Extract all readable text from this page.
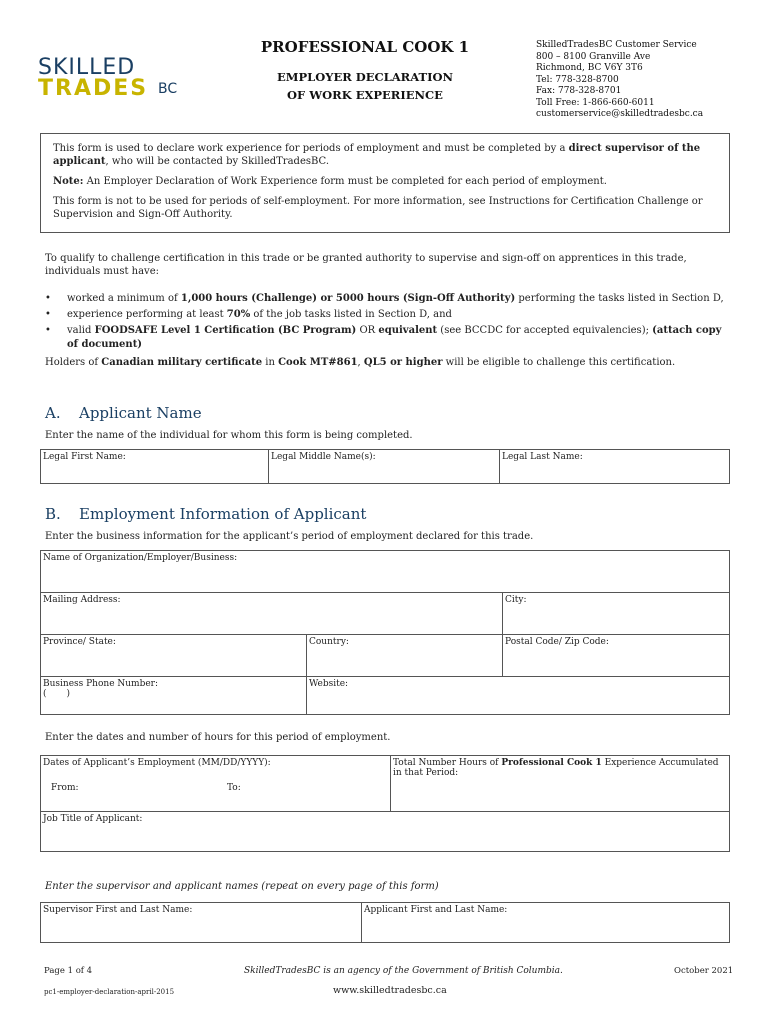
SKILLED
TRADES BC
PROFESSIONAL COOK 1
EMPLOYER DECLARATION
OF WORK EXPERIENCE
SkilledTradesBC Customer Service
800 – 8100 Granville Ave
Richmond, BC V6Y 3T6
Tel: 778-328-8700
Fax: 778-328-8701
Toll Free: 1-866-660-6011
customerservice@skilledtradesbc.ca

This form is used to declare work experience for periods of employment and must be completed by a direct supervisor of the applicant, who will be contacted by SkilledTradesBC.

Note: An Employer Declaration of Work Experience form must be completed for each period of employment.

This form is not to be used for periods of self-employment. For more information, see Instructions for Certification Challenge or Supervision and Sign-Off Authority.

To qualify to challenge certification in this trade or be granted authority to supervise and sign-off on apprentices in this trade, individuals must have:
• worked a minimum of 1,000 hours (Challenge) or 5000 hours (Sign-Off Authority) performing the tasks listed in Section D,
• experience performing at least 70% of the job tasks listed in Section D, and
• valid FOODSAFE Level 1 Certification (BC Program) OR equivalent (see BCCDC for accepted equivalencies); (attach copy of document)
Holders of Canadian military certificate in Cook MT#861, QL5 or higher will be eligible to challenge this certification.
A. Applicant Name
Enter the name of the individual for whom this form is being completed.
Legal First Name:	Legal Middle Name(s):	Legal Last Name:
B. Employment Information of Applicant
Enter the business information for the applicant’s period of employment declared for this trade.
Name of Organization/Employer/Business:		
Mailing Address:		City:
Province/ State:	Country:	Postal Code/ Zip Code:

Business Phone Number:
(       )	Website:	
Enter the dates and number of hours for this period of employment.
Dates of Applicant’s Employment (MM/DD/YYYY):
From:	To:
	Total Number Hours of Professional Cook 1 Experience Accumulated in that Period:
Job Title of Applicant:
Enter the supervisor and applicant names (repeat on every page of this form)
Supervisor First and Last Name:	Applicant First and Last Name:
Page 1 of 4	SkilledTradesBC is an agency of the Government of British Columbia.	October 2021
pc1-employer-declaration-april-2015	www.skilledtradesbc.ca
